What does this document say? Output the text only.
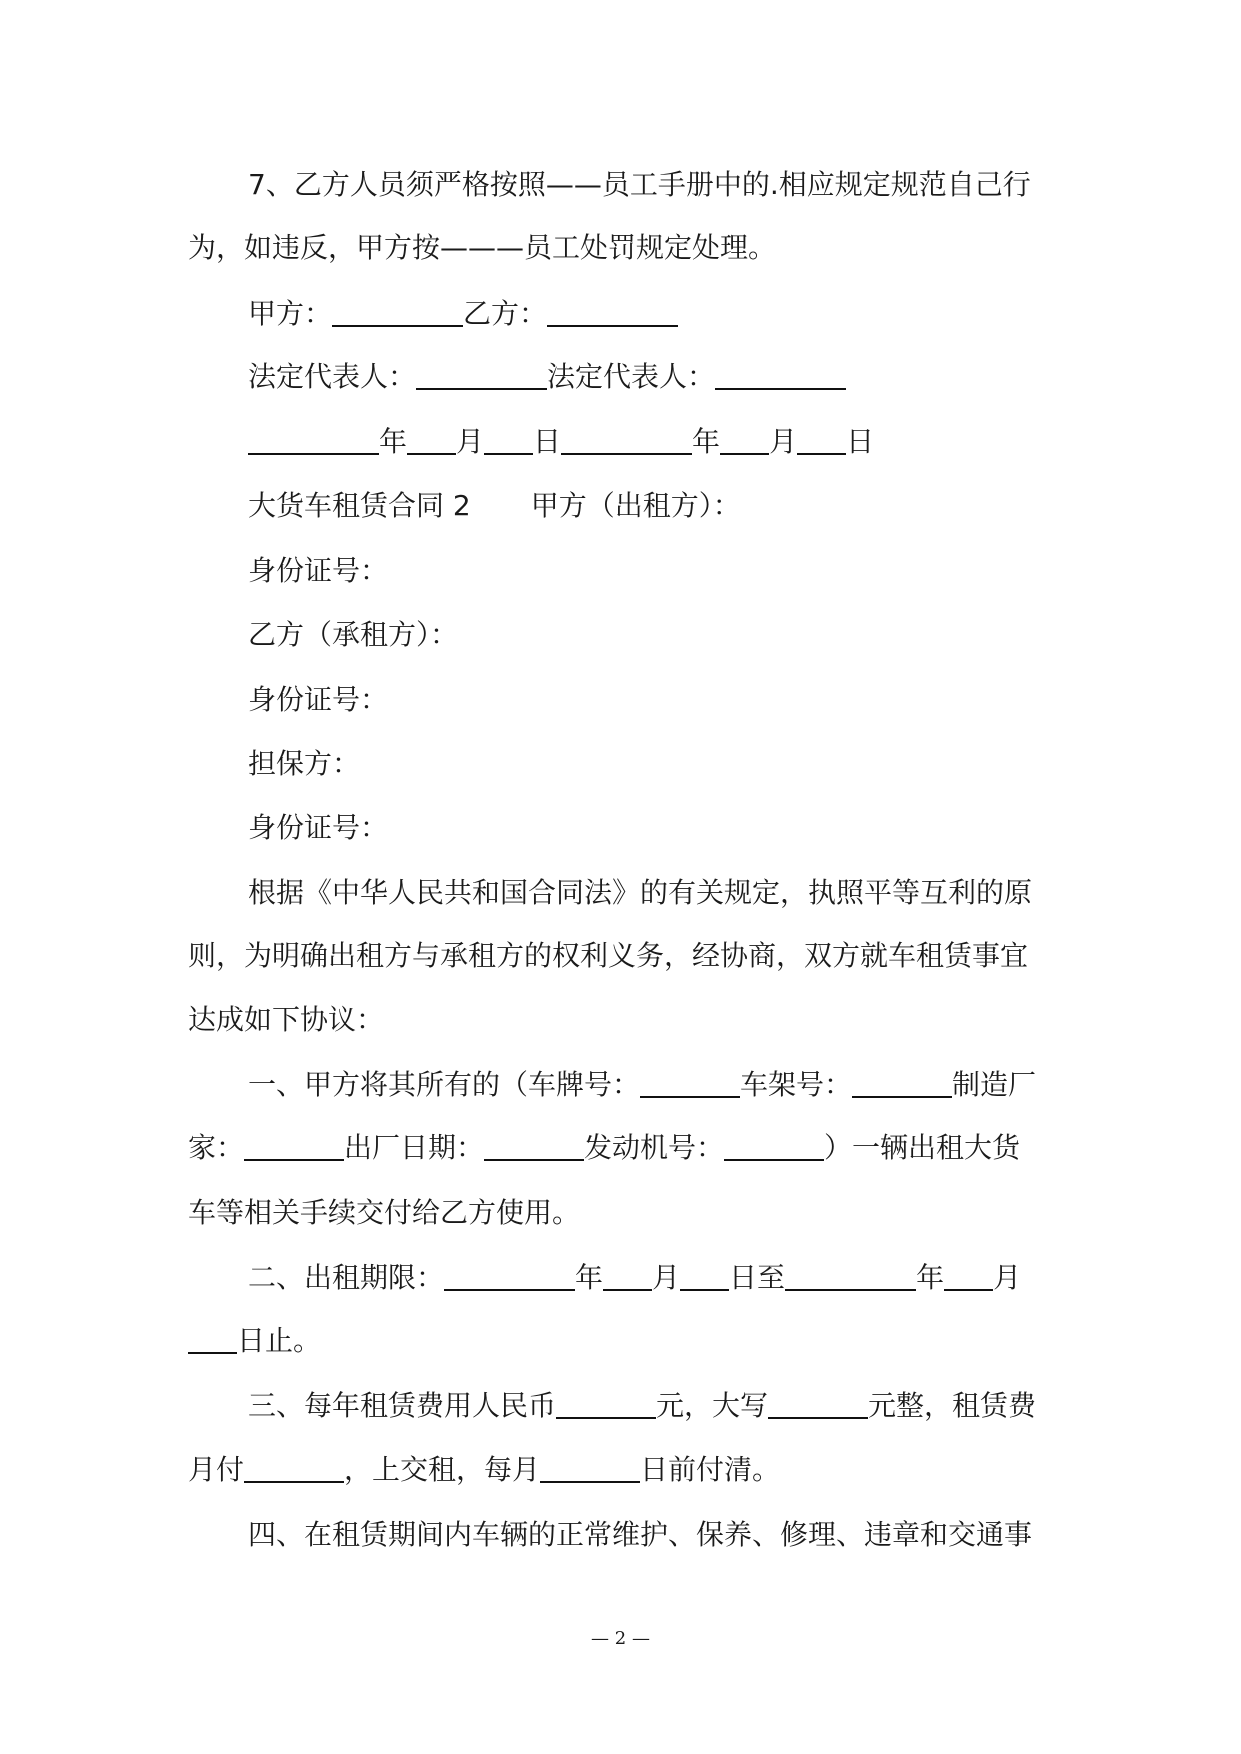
7、乙方人员须严格按照——员工手册中的.相应规定规范自己行
为，如违反，甲方按———员工处罚规定处理。
甲方：	乙方：
法定代表人：	法定代表人：
年 月 日	年 月 日
大货车租赁合同 2 甲方（出租方）：
身份证号：
乙方（承租方）：
身份证号：
担保方：
身份证号：
根据《中华人民共和国合同法》的有关规定，执照平等互利的原
则，为明确出租方与承租方的权利义务，经协商，双方就车租赁事宜
达成如下协议：
一、甲方将其所有的（车牌号：	车架号：	制造厂
家：	出厂日期：	发动机号：	）一辆出租大货
车等相关手续交付给乙方使用。
二、出租期限：	年 月 日至	年 月
日止。
三、每年租赁费用人民币	元，大写	元整，租赁费
月付	，上交租，每月	日前付清。
四、在租赁期间内车辆的正常维护、保养、修理、违章和交通事
— 2 —
